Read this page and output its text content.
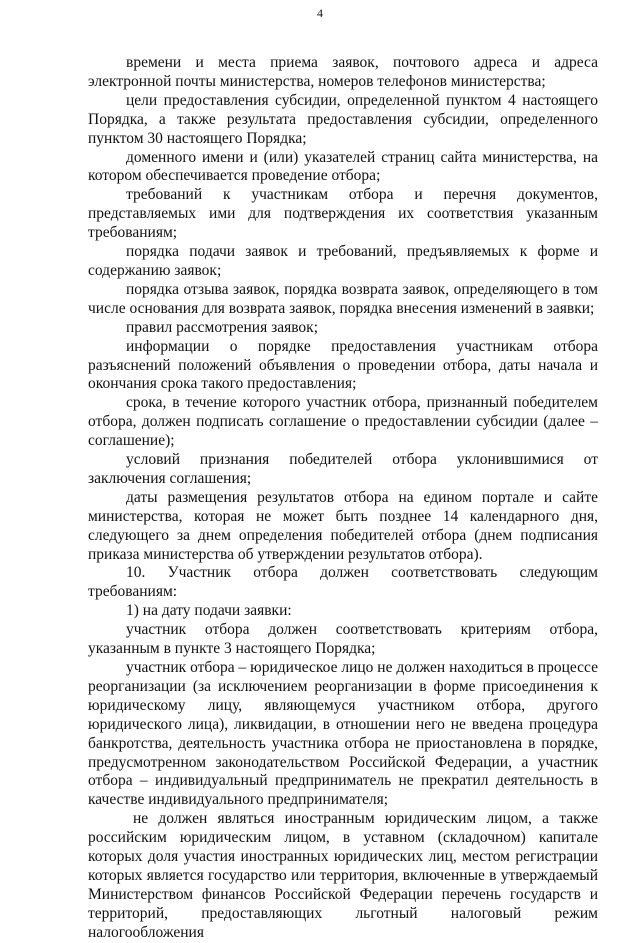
4

времени и места приема заявок, почтового адреса и адреса электронной почты министерства, номеров телефонов министерства;

цели предоставления субсидии, определенной пунктом 4 настоящего Порядка, а также результата предоставления субсидии, определенного пунктом 30 настоящего Порядка;

доменного имени и (или) указателей страниц сайта министерства, на котором обеспечивается проведение отбора;

требований к участникам отбора и перечня документов, представляемых ими для подтверждения их соответствия указанным требованиям;

порядка подачи заявок и требований, предъявляемых к форме и содержанию заявок;

порядка отзыва заявок, порядка возврата заявок, определяющего в том числе основания для возврата заявок, порядка внесения изменений в заявки;

правил рассмотрения заявок;

информации о порядке предоставления участникам отбора разъяснений положений объявления о проведении отбора, даты начала и окончания срока такого предоставления;

срока, в течение которого участник отбора, признанный победителем отбора, должен подписать соглашение о предоставлении субсидии (далее – соглашение);

условий признания победителей отбора уклонившимися от заключения соглашения;

даты размещения результатов отбора на едином портале и сайте министерства, которая не может быть позднее 14 календарного дня, следующего за днем определения победителей отбора (днем подписания приказа министерства об утверждении результатов отбора).

10. Участник отбора должен соответствовать следующим требованиям:

1) на дату подачи заявки:

участник отбора должен соответствовать критериям отбора, указанным в пункте 3 настоящего Порядка;

участник отбора – юридическое лицо не должен находиться в процессе реорганизации (за исключением реорганизации в форме присоединения к юридическому лицу, являющемуся участником отбора, другого юридического лица), ликвидации, в отношении него не введена процедура банкротства, деятельность участника отбора не приостановлена в порядке, предусмотренном законодательством Российской Федерации, а участник отбора – индивидуальный предприниматель не прекратил деятельность в качестве индивидуального предпринимателя;

не должен являться иностранным юридическим лицом, а также российским юридическим лицом, в уставном (складочном) капитале которых доля участия иностранных юридических лиц, местом регистрации которых является государство или территория, включенные в утверждаемый Министерством финансов Российской Федерации перечень государств и территорий, предоставляющих льготный налоговый режим налогообложения
